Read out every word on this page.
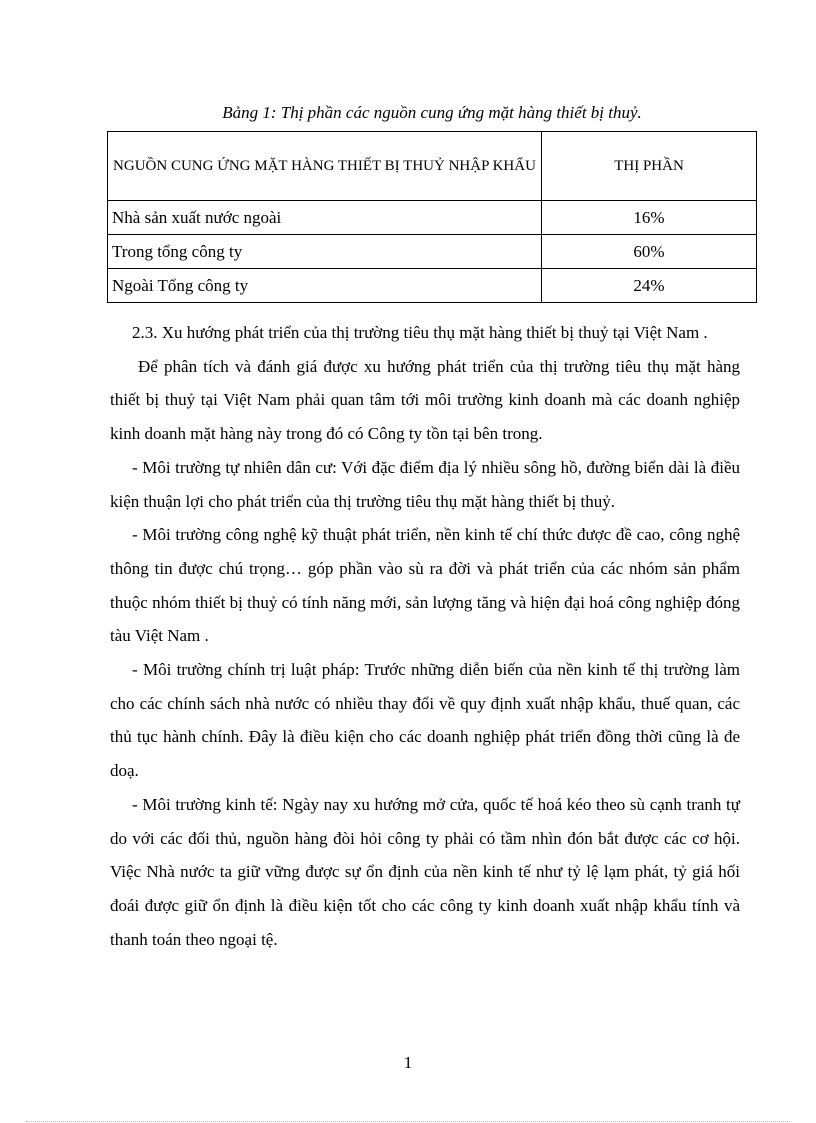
Bảng 1: Thị phần các nguồn cung ứng mặt hàng thiết bị thuỷ.
NGUỒN CUNG ỨNG MẶT HÀNG THIẾT BỊ THUỶ NHẬP KHẨU	THỊ PHẦN
Nhà sản xuất nước ngoài	16%
Trong tổng công ty	60%
Ngoài Tổng công ty	24%

2.3. Xu hướng phát triển của thị trường tiêu thụ mặt hàng thiết bị thuỷ tại Việt Nam .

Để phân tích và đánh giá được xu hướng phát triển của thị trường tiêu thụ mặt hàng thiết bị thuỷ tại Việt Nam phải quan tâm tới môi trường kinh doanh mà các doanh nghiệp kinh doanh mặt hàng này trong đó có Công ty tồn tại bên trong.

- Môi trường tự nhiên dân cư: Với đặc điểm địa lý nhiều sông hồ, đường biển dài là điều kiện thuận lợi cho phát triển của thị trường tiêu thụ mặt hàng thiết bị thuỷ.

- Môi trường công nghệ kỹ thuật phát triển, nền kinh tế chí thức được đề cao, công nghệ thông tin được chú trọng… góp phần vào sù ra đời và phát triển của các nhóm sản phẩm thuộc nhóm thiết bị thuỷ có tính năng mới, sản lượng tăng và hiện đại hoá công nghiệp đóng tàu Việt Nam .

- Môi trường chính trị luật pháp: Trước những diễn biến của nền kinh tế thị trường làm cho các chính sách nhà nước có nhiều thay đổi về quy định xuất nhập khẩu, thuế quan, các thủ tục hành chính. Đây là điều kiện cho các doanh nghiệp phát triển đồng thời cũng là đe doạ.

- Môi trường kinh tế: Ngày nay xu hướng mở cửa, quốc tế hoá kéo theo sù cạnh tranh tự do với các đối thủ, nguồn hàng đòi hỏi công ty phải có tầm nhìn đón bắt được các cơ hội. Việc Nhà nước ta giữ vững được sự ổn định của nền kinh tế như tỷ lệ lạm phát, tỷ giá hối đoái được giữ ổn định là điều kiện tốt cho các công ty kinh doanh xuất nhập khẩu tính và thanh toán theo ngoại tệ.

1
